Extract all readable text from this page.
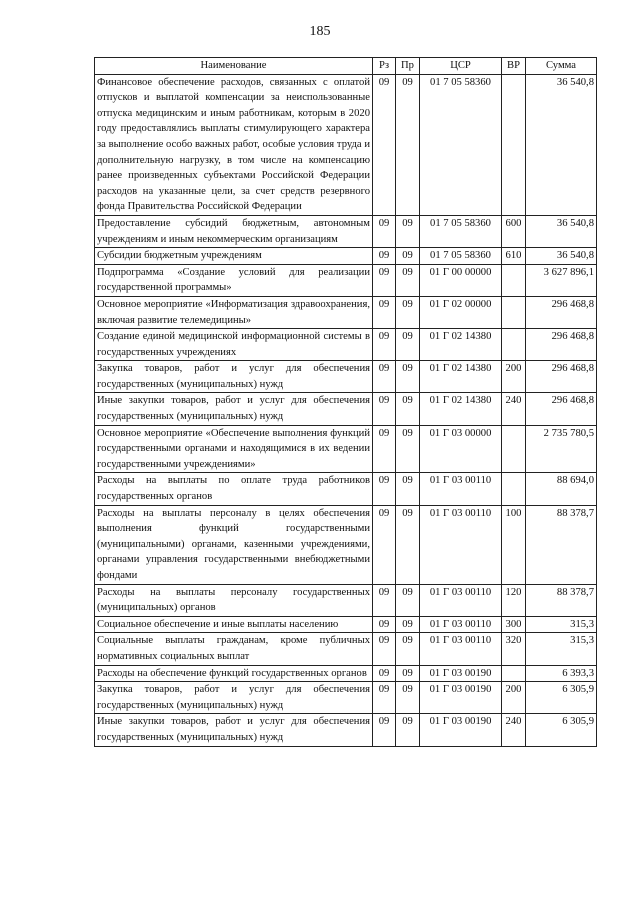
185
Наименование	Рз	Пр	ЦСР	ВР	Сумма
Финансовое обеспечение расходов, связанных с оплатой отпусков и выплатой компенсации за неиспользованные отпуска медицинским и иным работникам, которым в 2020 году предоставлялись выплаты стимулирующего характера за выполнение особо важных работ, особые условия труда и дополнительную нагрузку, в том числе на компенсацию ранее произведенных субъектами Российской Федерации расходов на указанные цели, за счет средств резервного фонда Правительства Российской Федерации	09	09	01 7 05 58360		36 540,8
Предоставление субсидий бюджетным, автономным учреждениям и иным некоммерческим организациям	09	09	01 7 05 58360	600	36 540,8
Субсидии бюджетным учреждениям	09	09	01 7 05 58360	610	36 540,8
Подпрограмма «Создание условий для реализации государственной программы»	09	09	01 Г 00 00000		3 627 896,1
Основное мероприятие «Информатизация здравоохранения, включая развитие телемедицины»	09	09	01 Г 02 00000		296 468,8
Создание единой медицинской информационной системы в государственных учреждениях	09	09	01 Г 02 14380		296 468,8
Закупка товаров, работ и услуг для обеспечения государственных (муниципальных) нужд	09	09	01 Г 02 14380	200	296 468,8
Иные закупки товаров, работ и услуг для обеспечения государственных (муниципальных) нужд	09	09	01 Г 02 14380	240	296 468,8
Основное мероприятие «Обеспечение выполнения функций государственными органами и находящимися в их ведении государственными учреждениями»	09	09	01 Г 03 00000		2 735 780,5
Расходы на выплаты по оплате труда работников государственных органов	09	09	01 Г 03 00110		88 694,0
Расходы на выплаты персоналу в целях обеспечения выполнения функций государственными (муниципальными) органами, казенными учреждениями, органами управления государственными внебюджетными фондами	09	09	01 Г 03 00110	100	88 378,7
Расходы на выплаты персоналу государственных (муниципальных) органов	09	09	01 Г 03 00110	120	88 378,7
Социальное обеспечение и иные выплаты населению	09	09	01 Г 03 00110	300	315,3
Социальные выплаты гражданам, кроме публичных нормативных социальных выплат	09	09	01 Г 03 00110	320	315,3
Расходы на обеспечение функций государственных органов	09	09	01 Г 03 00190		6 393,3
Закупка товаров, работ и услуг для обеспечения государственных (муниципальных) нужд	09	09	01 Г 03 00190	200	6 305,9
Иные закупки товаров, работ и услуг для обеспечения государственных (муниципальных) нужд	09	09	01 Г 03 00190	240	6 305,9
